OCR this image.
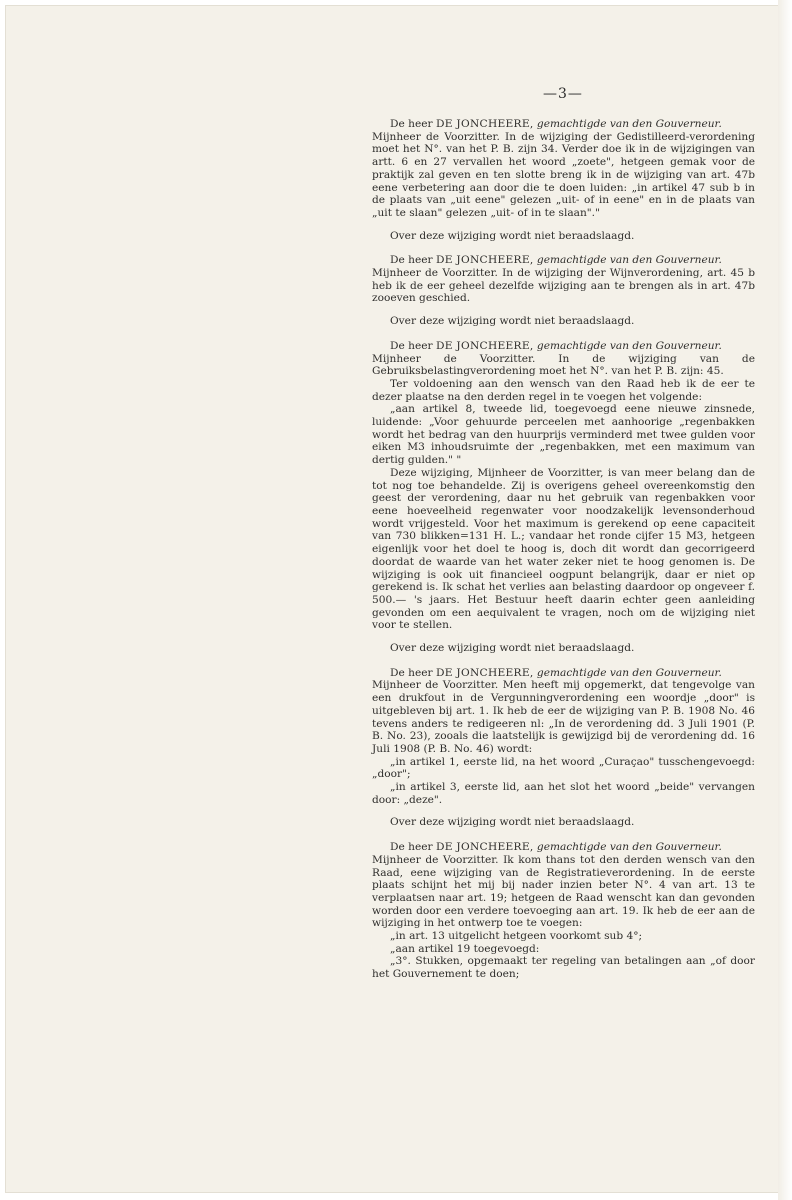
—3—

De heer DE JONCHEERE, gemachtigde van den Gouverneur.

Mijnheer de Voorzitter. In de wijziging der Gedistilleerd-verordening moet het N°. van het P. B. zijn 34. Verder doe ik in de wijzigingen van artt. 6 en 27 vervallen het woord „zoete", hetgeen gemak voor de praktijk zal geven en ten slotte breng ik in de wijziging van art. 47b eene verbetering aan door die te doen luiden: „in artikel 47 sub b in de plaats van „uit eene" gelezen „uit- of in eene" en in de plaats van „uit te slaan" gelezen „uit- of in te slaan"."

Over deze wijziging wordt niet beraadslaagd.

De heer DE JONCHEERE, gemachtigde van den Gouverneur.

Mijnheer de Voorzitter. In de wijziging der Wijnverordening, art. 45 b heb ik de eer geheel dezelfde wijziging aan te brengen als in art. 47b zooeven geschied.

Over deze wijziging wordt niet beraadslaagd.

De heer DE JONCHEERE, gemachtigde van den Gouverneur.

Mijnheer de Voorzitter. In de wijziging van de Gebruiksbelastingverordening moet het N°. van het P. B. zijn: 45.

Ter voldoening aan den wensch van den Raad heb ik de eer te dezer plaatse na den derden regel in te voegen het volgende:

„aan artikel 8, tweede lid, toegevoegd eene nieuwe zinsnede, luidende: „Voor gehuurde perceelen met aanhoorige „regenbakken wordt het bedrag van den huurprijs verminderd met twee gulden voor eiken M3 inhoudsruimte der „regenbakken, met een maximum van dertig gulden." "

Deze wijziging, Mijnheer de Voorzitter, is van meer belang dan de tot nog toe behandelde. Zij is overigens geheel overeenkomstig den geest der verordening, daar nu het gebruik van regenbakken voor eene hoeveelheid regenwater voor noodzakelijk levensonderhoud wordt vrijgesteld. Voor het maximum is gerekend op eene capaciteit van 730 blikken=131 H. L.; vandaar het ronde cijfer 15 M3, hetgeen eigenlijk voor het doel te hoog is, doch dit wordt dan gecorrigeerd doordat de waarde van het water zeker niet te hoog genomen is. De wijziging is ook uit financieel oogpunt belangrijk, daar er niet op gerekend is. Ik schat het verlies aan belasting daardoor op ongeveer f. 500.— 's jaars. Het Bestuur heeft daarin echter geen aanleiding gevonden om een aequivalent te vragen, noch om de wijziging niet voor te stellen.

Over deze wijziging wordt niet beraadslaagd.

De heer DE JONCHEERE, gemachtigde van den Gouverneur.

Mijnheer de Voorzitter. Men heeft mij opgemerkt, dat tengevolge van een drukfout in de Vergunningverordening een woordje „door" is uitgebleven bij art. 1. Ik heb de eer de wijziging van P. B. 1908 No. 46 tevens anders te redigeeren nl: „In de verordening dd. 3 Juli 1901 (P. B. No. 23), zooals die laatstelijk is gewijzigd bij de verordening dd. 16 Juli 1908 (P. B. No. 46) wordt:

„in artikel 1, eerste lid, na het woord „Curaçao" tusschengevoegd: „door";

„in artikel 3, eerste lid, aan het slot het woord „beide" vervangen door: „deze".

Over deze wijziging wordt niet beraadslaagd.

De heer DE JONCHEERE, gemachtigde van den Gouverneur.

Mijnheer de Voorzitter. Ik kom thans tot den derden wensch van den Raad, eene wijziging van de Registratieverordening. In de eerste plaats schijnt het mij bij nader inzien beter N°. 4 van art. 13 te verplaatsen naar art. 19; hetgeen de Raad wenscht kan dan gevonden worden door een verdere toevoeging aan art. 19. Ik heb de eer aan de wijziging in het ontwerp toe te voegen:

„in art. 13 uitgelicht hetgeen voorkomt sub 4°;

„aan artikel 19 toegevoegd:

„3°. Stukken, opgemaakt ter regeling van betalingen aan „of door het Gouvernement te doen;
